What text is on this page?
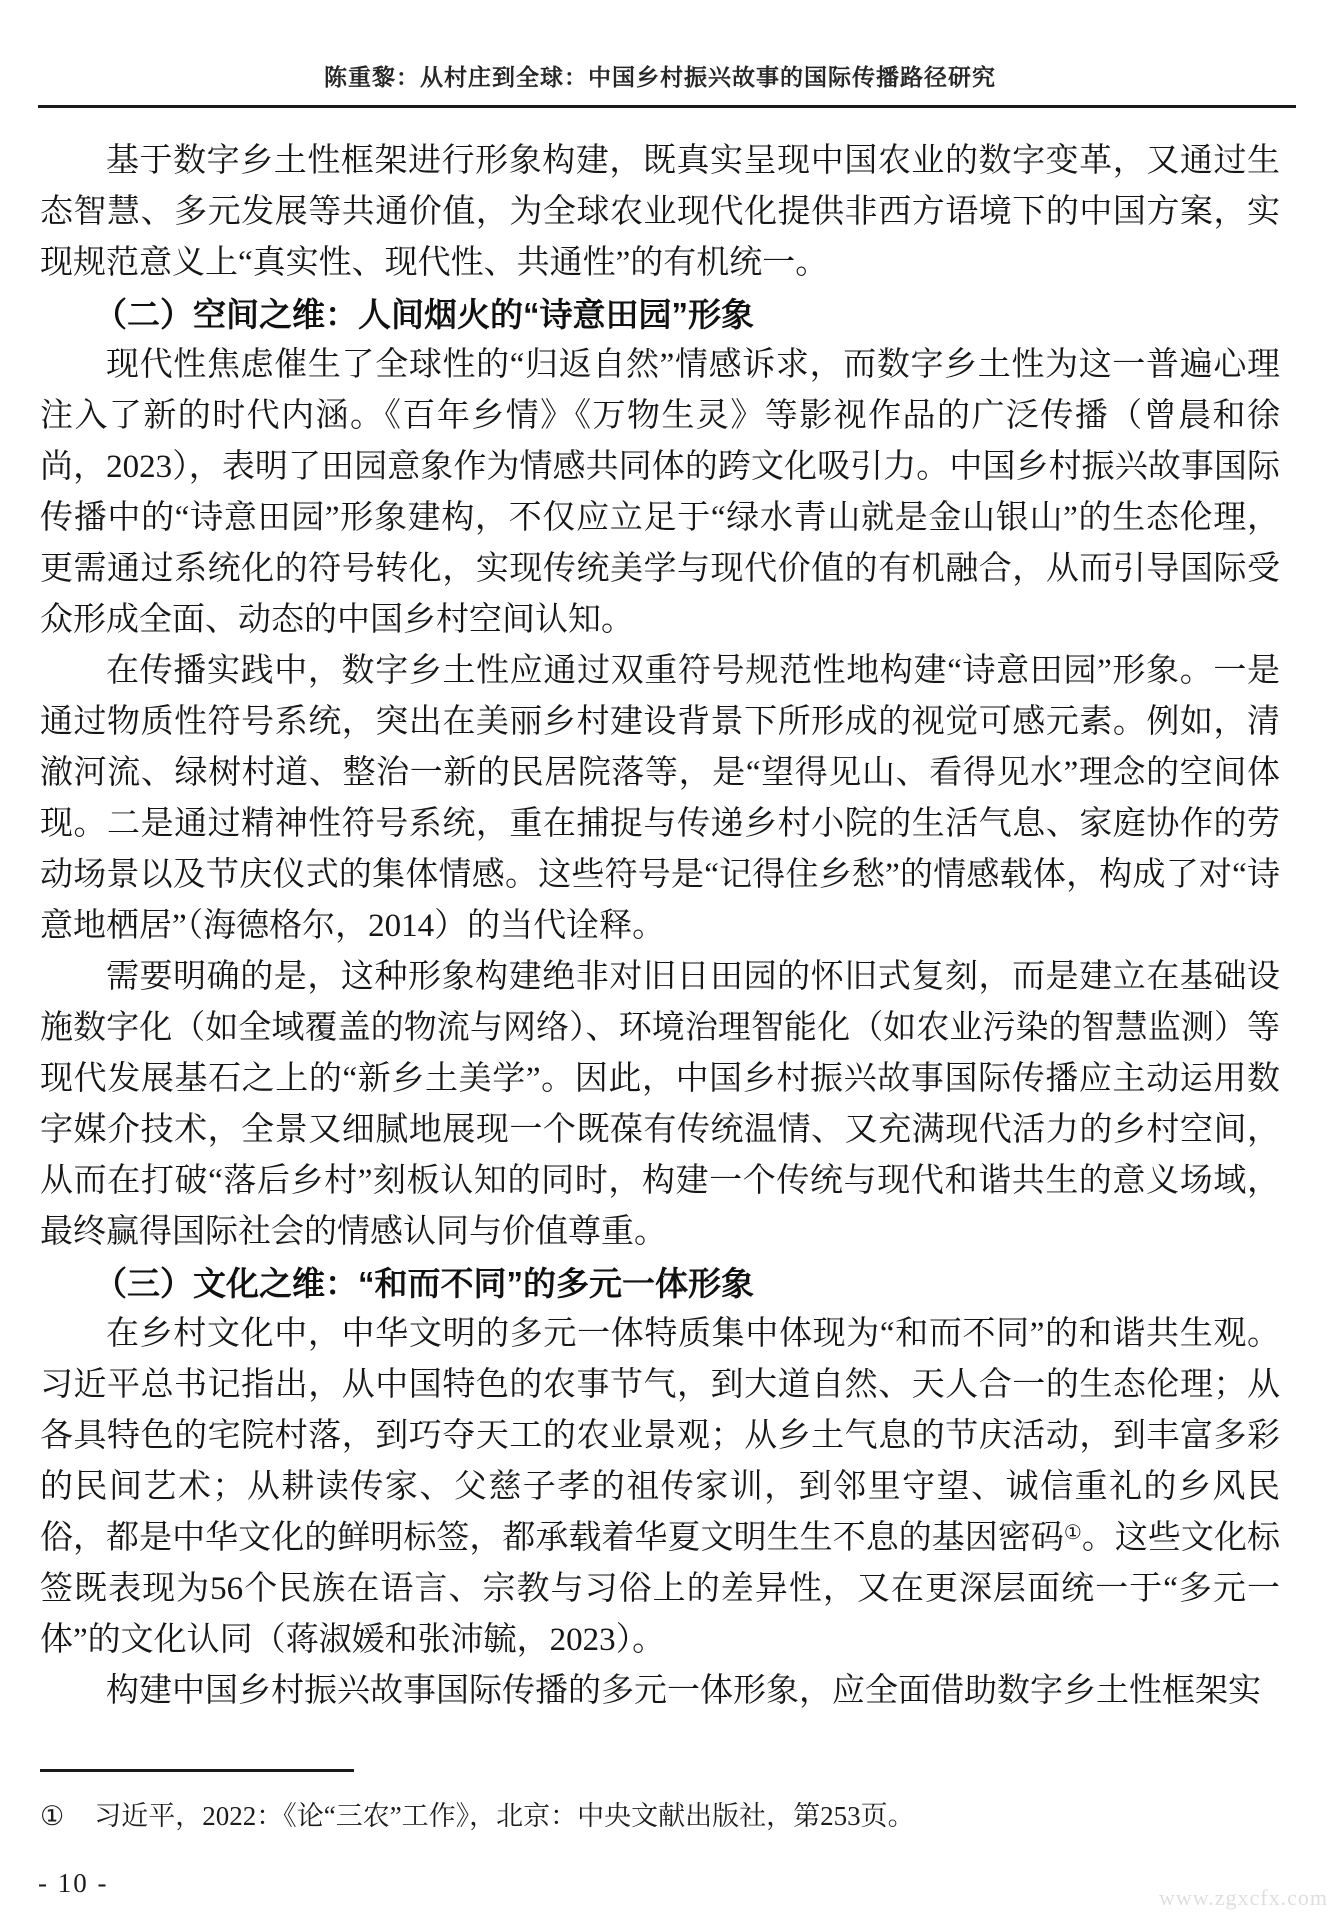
陈重黎：从村庄到全球：中国乡村振兴故事的国际传播路径研究

基于数字乡土性框架进行形象构建，既真实呈现中国农业的数字变革，又通过生态智慧、多元发展等共通价值，为全球农业现代化提供非西方语境下的中国方案，实现规范意义上“真实性、现代性、共通性”的有机统一。

（二）空间之维：人间烟火的“诗意田园”形象

现代性焦虑催生了全球性的“归返自然”情感诉求，而数字乡土性为这一普遍心理注入了新的时代内涵。《百年乡情》《万物生灵》等影视作品的广泛传播（曾晨和徐尚，2023），表明了田园意象作为情感共同体的跨文化吸引力。中国乡村振兴故事国际传播中的“诗意田园”形象建构，不仅应立足于“绿水青山就是金山银山”的生态伦理，更需通过系统化的符号转化，实现传统美学与现代价值的有机融合，从而引导国际受众形成全面、动态的中国乡村空间认知。

在传播实践中，数字乡土性应通过双重符号规范性地构建“诗意田园”形象。一是通过物质性符号系统，突出在美丽乡村建设背景下所形成的视觉可感元素。例如，清澈河流、绿树村道、整治一新的民居院落等，是“望得见山、看得见水”理念的空间体现。二是通过精神性符号系统，重在捕捉与传递乡村小院的生活气息、家庭协作的劳动场景以及节庆仪式的集体情感。这些符号是“记得住乡愁”的情感载体，构成了对“诗意地栖居”（海德格尔，2014）的当代诠释。

需要明确的是，这种形象构建绝非对旧日田园的怀旧式复刻，而是建立在基础设施数字化（如全域覆盖的物流与网络）、环境治理智能化（如农业污染的智慧监测）等现代发展基石之上的“新乡土美学”。因此，中国乡村振兴故事国际传播应主动运用数字媒介技术，全景又细腻地展现一个既葆有传统温情、又充满现代活力的乡村空间，从而在打破“落后乡村”刻板认知的同时，构建一个传统与现代和谐共生的意义场域，最终赢得国际社会的情感认同与价值尊重。

（三）文化之维：“和而不同”的多元一体形象

在乡村文化中，中华文明的多元一体特质集中体现为“和而不同”的和谐共生观。习近平总书记指出，从中国特色的农事节气，到大道自然、天人合一的生态伦理；从各具特色的宅院村落，到巧夺天工的农业景观；从乡土气息的节庆活动，到丰富多彩的民间艺术；从耕读传家、父慈子孝的祖传家训，到邻里守望、诚信重礼的乡风民俗，都是中华文化的鲜明标签，都承载着华夏文明生生不息的基因密码①。这些文化标签既表现为56个民族在语言、宗教与习俗上的差异性，又在更深层面统一于“多元一体”的文化认同（蒋淑媛和张沛毓，2023）。

构建中国乡村振兴故事国际传播的多元一体形象，应全面借助数字乡土性框架实

① 习近平，2022：《论“三农”工作》，北京：中央文献出版社，第253页。
- 10 -	www.zgxcfx.com
